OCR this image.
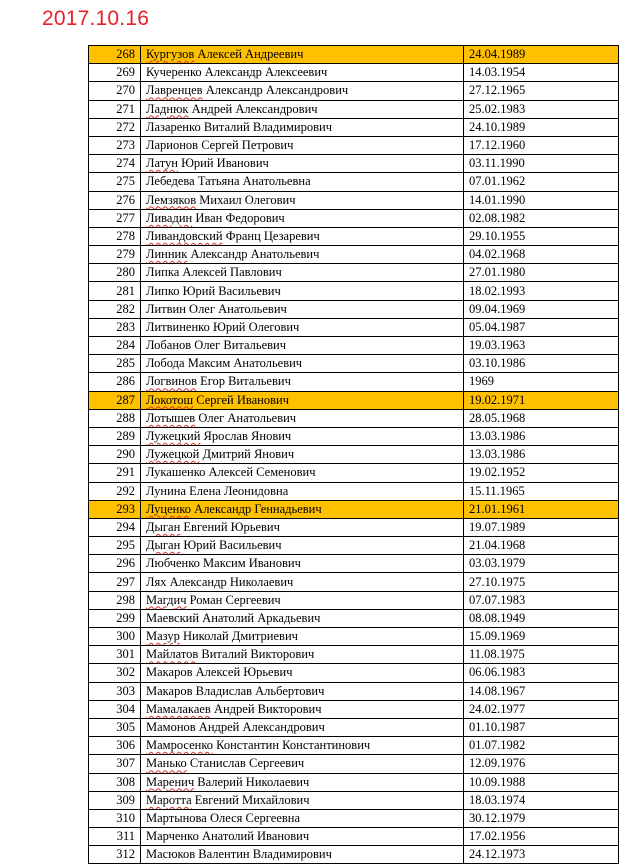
2017.10.16
268	Кургузов Алексей Андреевич	24.04.1989
269	Кучеренко Александр Алексеевич	14.03.1954
270	Лавренцев Александр Александрович	27.12.1965
271	Ладнюк Андрей Александрович	25.02.1983
272	Лазаренко Виталий Владимирович	24.10.1989
273	Ларионов Сергей Петрович	17.12.1960
274	Латун Юрий Иванович	03.11.1990
275	Лебедева Татьяна Анатольевна	07.01.1962
276	Лемзяков Михаил Олегович	14.01.1990
277	Ливадин Иван Федорович	02.08.1982
278	Ливандовский Франц Цезаревич	29.10.1955
279	Линник Александр Анатольевич	04.02.1968
280	Липка Алексей Павлович	27.01.1980
281	Липко Юрий Васильевич	18.02.1993
282	Литвин Олег Анатольевич	09.04.1969
283	Литвиненко Юрий Олегович	05.04.1987
284	Лобанов Олег Витальевич	19.03.1963
285	Лобода Максим Анатольевич	03.10.1986
286	Логвинов Егор Витальевич	1969
287	Локотош Сергей Иванович	19.02.1971
288	Лотышев Олег Анатольевич	28.05.1968
289	Лужецкий Ярослав Янович	13.03.1986
290	Лужецкой Дмитрий Янович	13.03.1986
291	Лукашенко Алексей Семенович	19.02.1952
292	Лунина Елена Леонидовна	15.11.1965
293	Луценко Александр Геннадьевич	21.01.1961
294	Дыган Евгений Юрьевич	19.07.1989
295	Дыган Юрий Васильевич	21.04.1968
296	Любченко Максим Иванович	03.03.1979
297	Лях Александр Николаевич	27.10.1975
298	Магдич Роман Сергеевич	07.07.1983
299	Маевский Анатолий Аркадьевич	08.08.1949
300	Мазур Николай Дмитриевич	15.09.1969
301	Майлатов Виталий Викторович	11.08.1975
302	Макаров Алексей Юрьевич	06.06.1983
303	Макаров Владислав Альбертович	14.08.1967
304	Мамалакаев Андрей Викторович	24.02.1977
305	Мамонов Андрей Александрович	01.10.1987
306	Мамросенко Константин Константинович	01.07.1982
307	Манько Станислав Сергеевич	12.09.1976
308	Маренич Валерий Николаевич	10.09.1988
309	Маротта Евгений Михайлович	18.03.1974
310	Мартынова Олеся Сергеевна	30.12.1979
311	Марченко Анатолий Иванович	17.02.1956
312	Масюков Валентин Владимирович	24.12.1973
